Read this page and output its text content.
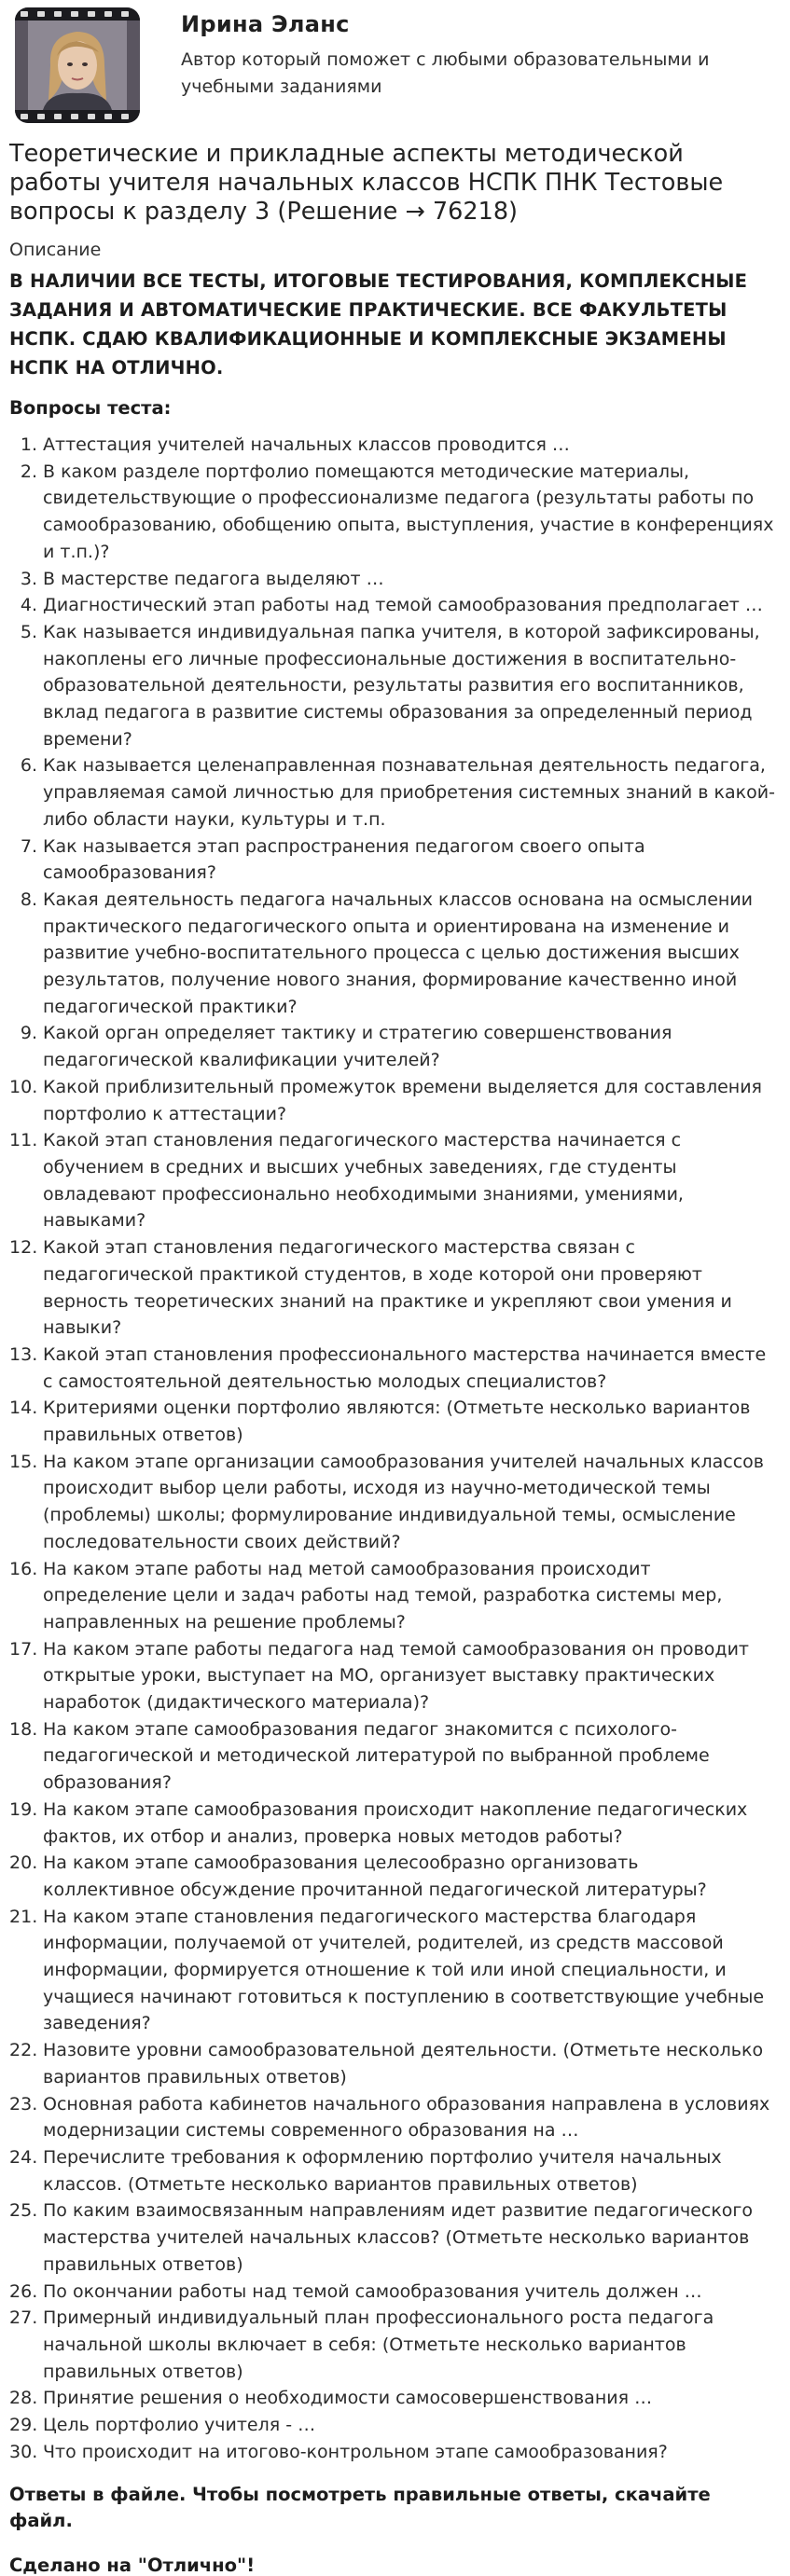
Ирина Эланс
Автор который поможет с любыми образовательными и учебными заданиями
Теоретические и прикладные аспекты методической работы учителя начальных классов НСПК ПНК Тестовые вопросы к разделу 3 (Решение → 76218)
Описание
В НАЛИЧИИ ВСЕ ТЕСТЫ, ИТОГОВЫЕ ТЕСТИРОВАНИЯ, КОМПЛЕКСНЫЕ ЗАДАНИЯ И АВТОМАТИЧЕСКИЕ ПРАКТИЧЕСКИЕ. ВСЕ ФАКУЛЬТЕТЫ НСПК. СДАЮ КВАЛИФИКАЦИОННЫЕ И КОМПЛЕКСНЫЕ ЭКЗАМЕНЫ НСПК НА ОТЛИЧНО.
Вопросы теста:
Аттестация учителей начальных классов проводится …
В каком разделе портфолио помещаются методические материалы, свидетельствующие о профессионализме педагога (результаты работы по самообразованию, обобщению опыта, выступления, участие в конференциях и т.п.)?
В мастерстве педагога выделяют …
Диагностический этап работы над темой самообразования предполагает …
Как называется индивидуальная папка учителя, в которой зафиксированы, накоплены его личные профессиональные достижения в воспитательно-образовательной деятельности, результаты развития его воспитанников, вклад педагога в развитие системы образования за определенный период времени?
Как называется целенаправленная познавательная деятельность педагога, управляемая самой личностью для приобретения системных знаний в какой-либо области науки, культуры и т.п.
Как называется этап распространения педагогом своего опыта самообразования?
Какая деятельность педагога начальных классов основана на осмыслении практического педагогического опыта и ориентирована на изменение и развитие учебно-воспитательного процесса с целью достижения высших результатов, получение нового знания, формирование качественно иной педагогической практики?
Какой орган определяет тактику и стратегию совершенствования педагогической квалификации учителей?
Какой приблизительный промежуток времени выделяется для составления портфолио к аттестации?
Какой этап становления педагогического мастерства начинается с обучением в средних и высших учебных заведениях, где студенты овладевают профессионально необходимыми знаниями, умениями, навыками?
Какой этап становления педагогического мастерства связан с педагогической практикой студентов, в ходе которой они проверяют верность теоретических знаний на практике и укрепляют свои умения и навыки?
Какой этап становления профессионального мастерства начинается вместе с самостоятельной деятельностью молодых специалистов?
Критериями оценки портфолио являются: (Отметьте несколько вариантов правильных ответов)
На каком этапе организации самообразования учителей начальных классов происходит выбор цели работы, исходя из научно-методической темы (проблемы) школы; формулирование индивидуальной темы, осмысление последовательности своих действий?
На каком этапе работы над метой самообразования происходит определение цели и задач работы над темой, разработка системы мер, направленных на решение проблемы?
На каком этапе работы педагога над темой самообразования он проводит открытые уроки, выступает на МО, организует выставку практических наработок (дидактического материала)?
На каком этапе самообразования педагог знакомится с психолого-педагогической и методической литературой по выбранной проблеме образования?
На каком этапе самообразования происходит накопление педагогических фактов, их отбор и анализ, проверка новых методов работы?
На каком этапе самообразования целесообразно организовать коллективное обсуждение прочитанной педагогической литературы?
На каком этапе становления педагогического мастерства благодаря информации, получаемой от учителей, родителей, из средств массовой информации, формируется отношение к той или иной специальности, и учащиеся начинают готовиться к поступлению в соответствующие учебные заведения?
Назовите уровни самообразовательной деятельности. (Отметьте несколько вариантов правильных ответов)
Основная работа кабинетов начального образования направлена в условиях модернизации системы современного образования на …
Перечислите требования к оформлению портфолио учителя начальных классов. (Отметьте несколько вариантов правильных ответов)
По каким взаимосвязанным направлениям идет развитие педагогического мастерства учителей начальных классов? (Отметьте несколько вариантов правильных ответов)
По окончании работы над темой самообразования учитель должен …
Примерный индивидуальный план профессионального роста педагога начальной школы включает в себя: (Отметьте несколько вариантов правильных ответов)
Принятие решения о необходимости самосовершенствования …
Цель портфолио учителя - …
Что происходит на итогово-контрольном этапе самообразования?
Ответы в файле. Чтобы посмотреть правильные ответы, скачайте файл.
Сделано на "Отлично"!
